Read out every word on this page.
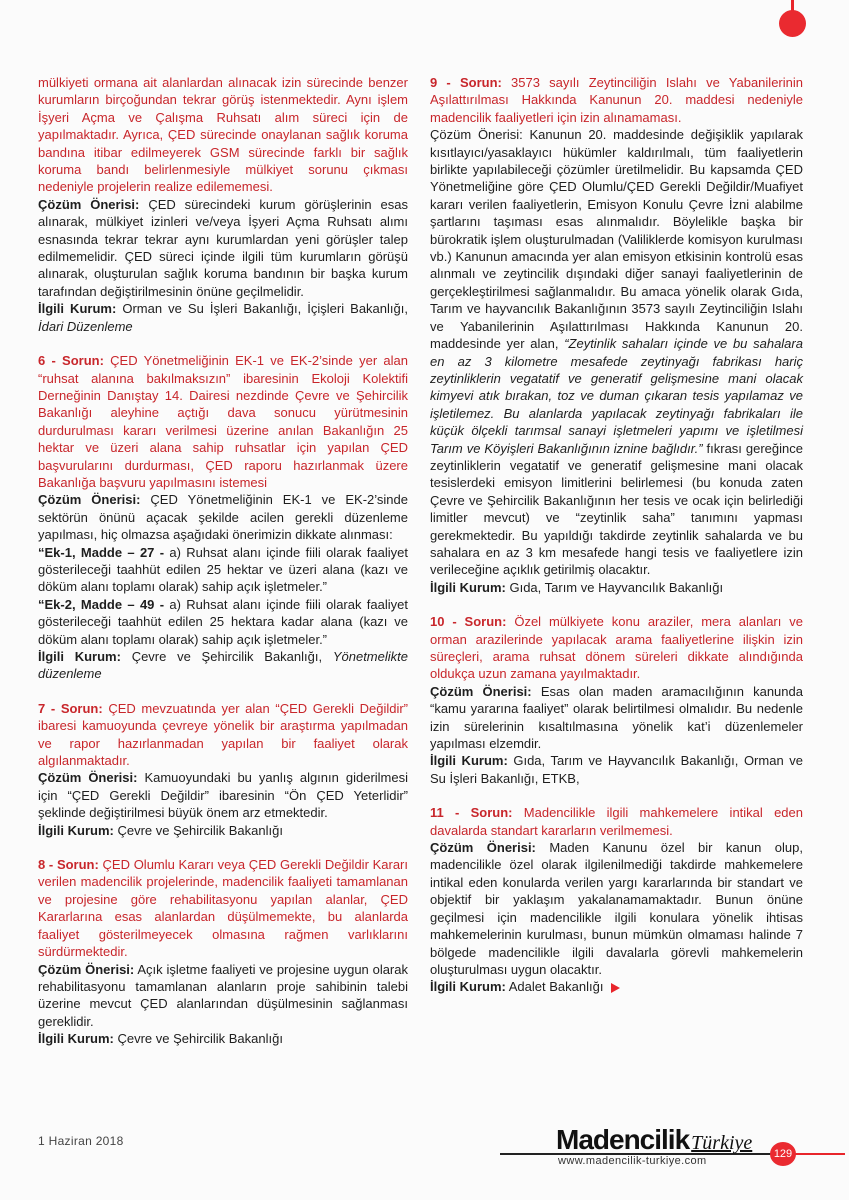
mülkiyeti ormana ait alanlardan alınacak izin sürecinde benzer kurumların birçoğundan tekrar görüş istenmektedir. Aynı işlem İşyeri Açma ve Çalışma Ruhsatı alım süreci için de yapılmaktadır. Ayrıca, ÇED sürecinde onaylanan sağlık koruma bandına itibar edilmeyerek GSM sürecinde farklı bir sağlık koruma bandı belirlenmesiyle mülkiyet sorunu çıkması nedeniyle projelerin realize edilememesi.

Çözüm Önerisi: ÇED sürecindeki kurum görüşlerinin esas alınarak, mülkiyet izinleri ve/veya İşyeri Açma Ruhsatı alımı esnasında tekrar tekrar aynı kurumlardan yeni görüşler talep edilmemelidir. ÇED süreci içinde ilgili tüm kurumların görüşü alınarak, oluşturulan sağlık koruma bandının bir başka kurum tarafından değiştirilmesinin önüne geçilmelidir.

İlgili Kurum: Orman ve Su İşleri Bakanlığı, İçişleri Bakanlığı, İdari Düzenleme

6 - Sorun: ÇED Yönetmeliğinin EK-1 ve EK-2’sinde yer alan “ruhsat alanına bakılmaksızın” ibaresinin Ekoloji Kolektifi Derneğinin Danıştay 14. Dairesi nezdinde Çevre ve Şehircilik Bakanlığı aleyhine açtığı dava sonucu yürütmesinin durdurulması kararı verilmesi üzerine anılan Bakanlığın 25 hektar ve üzeri alana sahip ruhsatlar için yapılan ÇED başvurularını durdurması, ÇED raporu hazırlanmak üzere Bakanlığa başvuru yapılmasını istemesi

Çözüm Önerisi: ÇED Yönetmeliğinin EK-1 ve EK-2’sinde sektörün önünü açacak şekilde acilen gerekli düzenleme yapılması, hiç olmazsa aşağıdaki önerimizin dikkate alınması:

“Ek-1, Madde – 27 - a) Ruhsat alanı içinde fiili olarak faaliyet gösterileceği taahhüt edilen 25 hektar ve üzeri alana (kazı ve döküm alanı toplamı olarak) sahip açık işletmeler.”

“Ek-2, Madde – 49 - a) Ruhsat alanı içinde fiili olarak faaliyet gösterileceği taahhüt edilen 25 hektara kadar alana (kazı ve döküm alanı toplamı olarak) sahip açık işletmeler.”

İlgili Kurum: Çevre ve Şehircilik Bakanlığı, Yönetmelikte düzenleme

7 - Sorun: ÇED mevzuatında yer alan “ÇED Gerekli Değildir” ibaresi kamuoyunda çevreye yönelik bir araştırma yapılmadan ve rapor hazırlanmadan yapılan bir faaliyet olarak algılanmaktadır.

Çözüm Önerisi: Kamuoyundaki bu yanlış algının giderilmesi için “ÇED Gerekli Değildir” ibaresinin “Ön ÇED Yeterlidir” şeklinde değiştirilmesi büyük önem arz etmektedir.

İlgili Kurum: Çevre ve Şehircilik Bakanlığı

8 - Sorun: ÇED Olumlu Kararı veya ÇED Gerekli Değildir Kararı verilen madencilik projelerinde, madencilik faaliyeti tamamlanan ve projesine göre rehabilitasyonu yapılan alanlar, ÇED Kararlarına esas alanlardan düşülmemekte, bu alanlarda faaliyet gösterilmeyecek olmasına rağmen varlıklarını sürdürmektedir.

Çözüm Önerisi: Açık işletme faaliyeti ve projesine uygun olarak rehabilitasyonu tamamlanan alanların proje sahibinin talebi üzerine mevcut ÇED alanlarından düşülmesinin sağlanması gereklidir.

İlgili Kurum: Çevre ve Şehircilik Bakanlığı

9 - Sorun: 3573 sayılı Zeytinciliğin Islahı ve Yabanilerinin Aşılattırılması Hakkında Kanunun 20. maddesi nedeniyle madencilik faaliyetleri için izin alınamaması.

Çözüm Önerisi: Kanunun 20. maddesinde değişiklik yapılarak kısıtlayıcı/yasaklayıcı hükümler kaldırılmalı, tüm faaliyetlerin birlikte yapılabileceği çözümler üretilmelidir. Bu kapsamda ÇED Yönetmeliğine göre ÇED Olumlu/ÇED Gerekli Değildir/Muafiyet kararı verilen faaliyetlerin, Emisyon Konulu Çevre İzni alabilme şartlarını taşıması esas alınmalıdır. Böylelikle başka bir bürokratik işlem oluşturulmadan (Valiliklerde komisyon kurulması vb.) Kanunun amacında yer alan emisyon etkisinin kontrolü esas alınmalı ve zeytincilik dışındaki diğer sanayi faaliyetlerinin de gerçekleştirilmesi sağlanmalıdır. Bu amaca yönelik olarak Gıda, Tarım ve hayvancılık Bakanlığının 3573 sayılı Zeytinciliğin Islahı ve Yabanilerinin Aşılattırılması Hakkında Kanunun 20. maddesinde yer alan, “Zeytinlik sahaları içinde ve bu sahalara en az 3 kilometre mesafede zeytinyağı fabrikası hariç zeytinliklerin vegatatif ve generatif gelişmesine mani olacak kimyevi atık bırakan, toz ve duman çıkaran tesis yapılamaz ve işletilemez. Bu alanlarda yapılacak zeytinyağı fabrikaları ile küçük ölçekli tarımsal sanayi işletmeleri yapımı ve işletilmesi Tarım ve Köyişleri Bakanlığının iznine bağlıdır.” fıkrası gereğince zeytinliklerin vegatatif ve generatif gelişmesine mani olacak tesislerdeki emisyon limitlerini belirlemesi (bu konuda zaten Çevre ve Şehircilik Bakanlığının her tesis ve ocak için belirlediği limitler mevcut) ve “zeytinlik saha” tanımını yapması gerekmektedir. Bu yapıldığı takdirde zeytinlik sahalarda ve bu sahalara en az 3 km mesafede hangi tesis ve faaliyetlere izin verileceğine açıklık getirilmiş olacaktır.

İlgili Kurum: Gıda, Tarım ve Hayvancılık Bakanlığı

10 - Sorun: Özel mülkiyete konu araziler, mera alanları ve orman arazilerinde yapılacak arama faaliyetlerine ilişkin izin süreçleri, arama ruhsat dönem süreleri dikkate alındığında oldukça uzun zamana yayılmaktadır.

Çözüm Önerisi: Esas olan maden aramacılığının kanunda “kamu yararına faaliyet” olarak belirtilmesi olmalıdır. Bu nedenle izin sürelerinin kısaltılmasına yönelik kat’i düzenlemeler yapılması elzemdir.

İlgili Kurum: Gıda, Tarım ve Hayvancılık Bakanlığı, Orman ve Su İşleri Bakanlığı, ETKB,

11 - Sorun: Madencilikle ilgili mahkemelere intikal eden davalarda standart kararların verilmemesi.

Çözüm Önerisi: Maden Kanunu özel bir kanun olup, madencilikle özel olarak ilgilenilmediği takdirde mahkemelere intikal eden konularda verilen yargı kararlarında bir standart ve objektif bir yaklaşım yakalanamamaktadır. Bunun önüne geçilmesi için madencilikle ilgili konulara yönelik ihtisas mahkemelerinin kurulması, bunun mümkün olmaması halinde 7 bölgede madencilikle ilgili davalarla görevli mahkemelerin oluşturulması uygun olacaktır.

İlgili Kurum: Adalet Bakanlığı

1 Haziran 2018	Madencilik Türkiye
www.madencilik-turkiye.com
129
